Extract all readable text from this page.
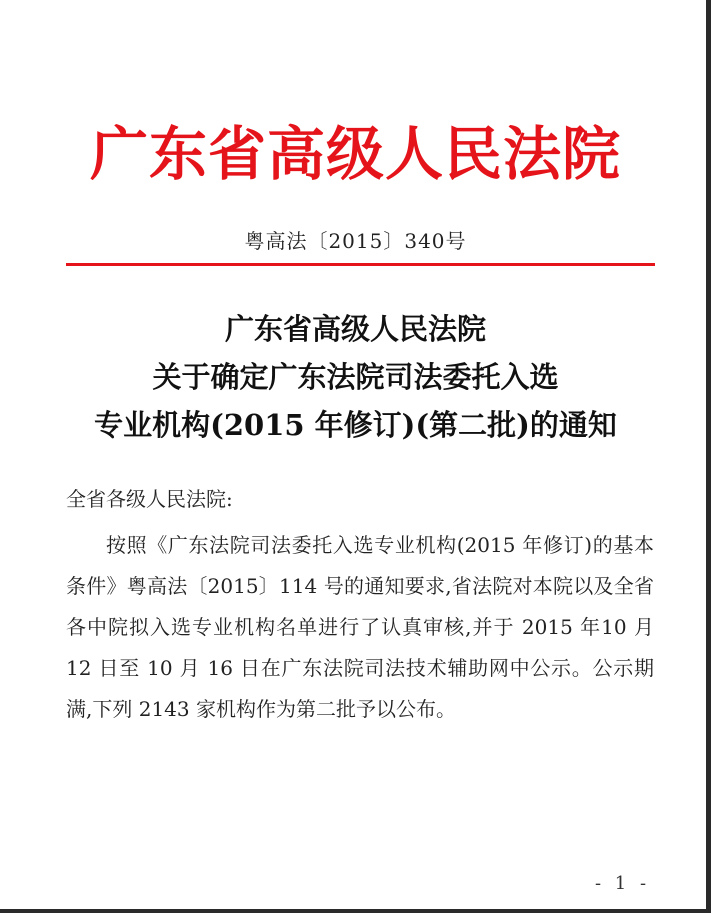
广东省高级人民法院
粤高法〔2015〕340号
广东省高级人民法院
关于确定广东法院司法委托入选
专业机构(2015 年修订)(第二批)的通知
全省各级人民法院:

按照《广东法院司法委托入选专业机构(2015 年修订)的基本条件》粤高法〔2015〕114 号的通知要求,省法院对本院以及全省各中院拟入选专业机构名单进行了认真审核,并于 2015 年10 月 12 日至 10 月 16 日在广东法院司法技术辅助网中公示。公示期满,下列 2143 家机构作为第二批予以公布。

- 1 -
